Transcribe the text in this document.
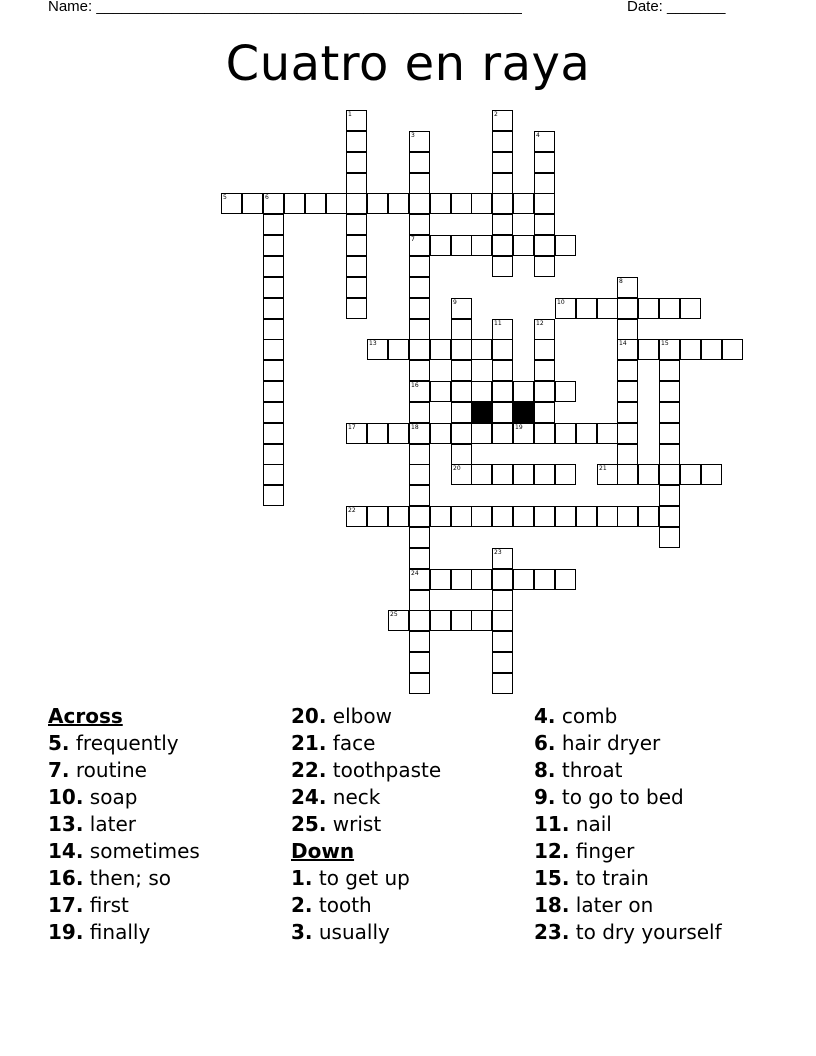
Name: ___________________________________________________	Date: _______
Cuatro en raya
1
3
7
16
18
24
2
4
8
14
6
9
11	12
15
23
5
10
13
17	19
20	21
22
25
Across
5. frequently
7. routine
10. soap
13. later
14. sometimes
16. then; so
17. first
19. finally
20. elbow
21. face
22. toothpaste
24. neck
25. wrist
Down
1. to get up
2. tooth
3. usually
4. comb
6. hair dryer
8. throat
9. to go to bed
11. nail
12. finger
15. to train
18. later on
23. to dry yourself
